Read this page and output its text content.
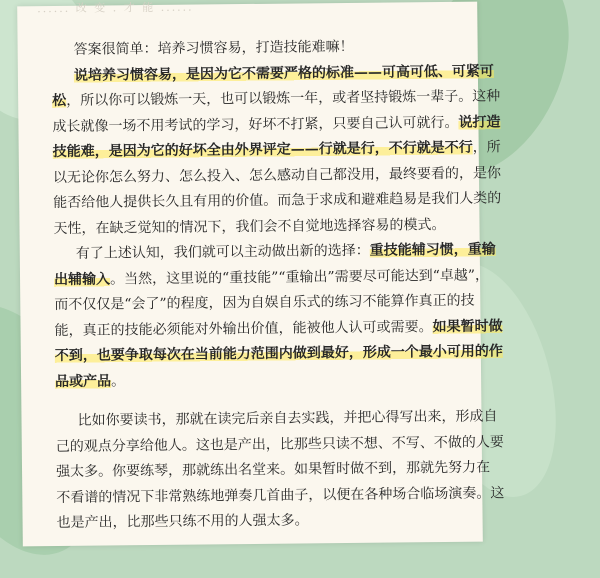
...... 改 变 . 才 能 ......
答案很简单：培养习惯容易，打造技能难嘛！
说培养习惯容易，是因为它不需要严格的标准——可高可低、可紧可
松，所以你可以锻炼一天，也可以锻炼一年，或者坚持锻炼一辈子。这种
成长就像一场不用考试的学习，好坏不打紧，只要自己认可就行。说打造
技能难，是因为它的好坏全由外界评定——行就是行，不行就是不行，所
以无论你怎么努力、怎么投入、怎么感动自己都没用，最终要看的，是你
能否给他人提供长久且有用的价值。而急于求成和避难趋易是我们人类的
天性，在缺乏觉知的情况下，我们会不自觉地选择容易的模式。
有了上述认知，我们就可以主动做出新的选择：重技能辅习惯，重输
出辅输入。当然，这里说的“重技能”“重输出”需要尽可能达到“卓越”，
而不仅仅是“会了”的程度，因为自娱自乐式的练习不能算作真正的技
能，真正的技能必须能对外输出价值，能被他人认可或需要。如果暂时做
不到，也要争取每次在当前能力范围内做到最好，形成一个最小可用的作
品或产品。
比如你要读书，那就在读完后亲自去实践，并把心得写出来，形成自
己的观点分享给他人。这也是产出，比那些只读不想、不写、不做的人要
强太多。你要练琴，那就练出名堂来。如果暂时做不到，那就先努力在
不看谱的情况下非常熟练地弹奏几首曲子，以便在各种场合临场演奏。这
也是产出，比那些只练不用的人强太多。
